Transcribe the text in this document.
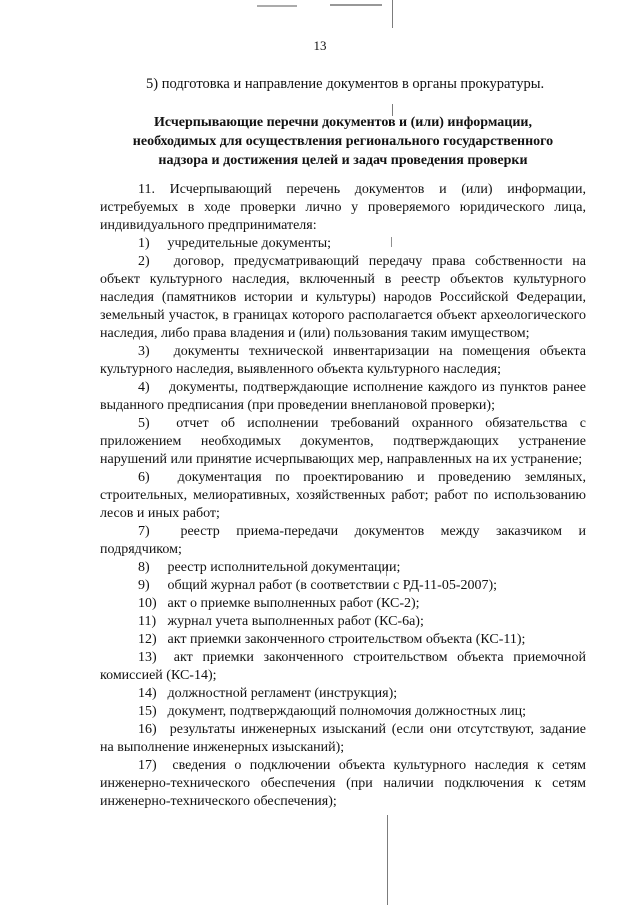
13
5) подготовка и направление документов в органы прокуратуры.
Исчерпывающие перечни документов и (или) информации,
необходимых для осуществления регионального государственного
надзора и достижения целей и задач проведения проверки

11. Исчерпывающий перечень документов и (или) информации, истребуемых в ходе проверки лично у проверяемого юридического лица, индивидуального предпринимателя:

1) учредительные документы;

2) договор, предусматривающий передачу права собственности на объект культурного наследия, включенный в реестр объектов культурного наследия (памятников истории и культуры) народов Российской Федерации, земельный участок, в границах которого располагается объект археологического наследия, либо права владения и (или) пользования таким имуществом;

3) документы технической инвентаризации на помещения объекта культурного наследия, выявленного объекта культурного наследия;

4) документы, подтверждающие исполнение каждого из пунктов ранее выданного предписания (при проведении внеплановой проверки);

5) отчет об исполнении требований охранного обязательства с приложением необходимых документов, подтверждающих устранение нарушений или принятие исчерпывающих мер, направленных на их устранение;

6) документация по проектированию и проведению земляных, строительных, мелиоративных, хозяйственных работ; работ по использованию лесов и иных работ;

7) реестр приема-передачи документов между заказчиком и подрядчиком;

8) реестр исполнительной документации;

9) общий журнал работ (в соответствии с РД-11-05-2007);

10) акт о приемке выполненных работ (КС-2);

11) журнал учета выполненных работ (КС-6а);

12) акт приемки законченного строительством объекта (КС-11);

13) акт приемки законченного строительством объекта приемочной комиссией (КС-14);

14) должностной регламент (инструкция);

15) документ, подтверждающий полномочия должностных лиц;

16) результаты инженерных изысканий (если они отсутствуют, задание на выполнение инженерных изысканий);

17) сведения о подключении объекта культурного наследия к сетям инженерно-технического обеспечения (при наличии подключения к сетям инженерно-технического обеспечения);
